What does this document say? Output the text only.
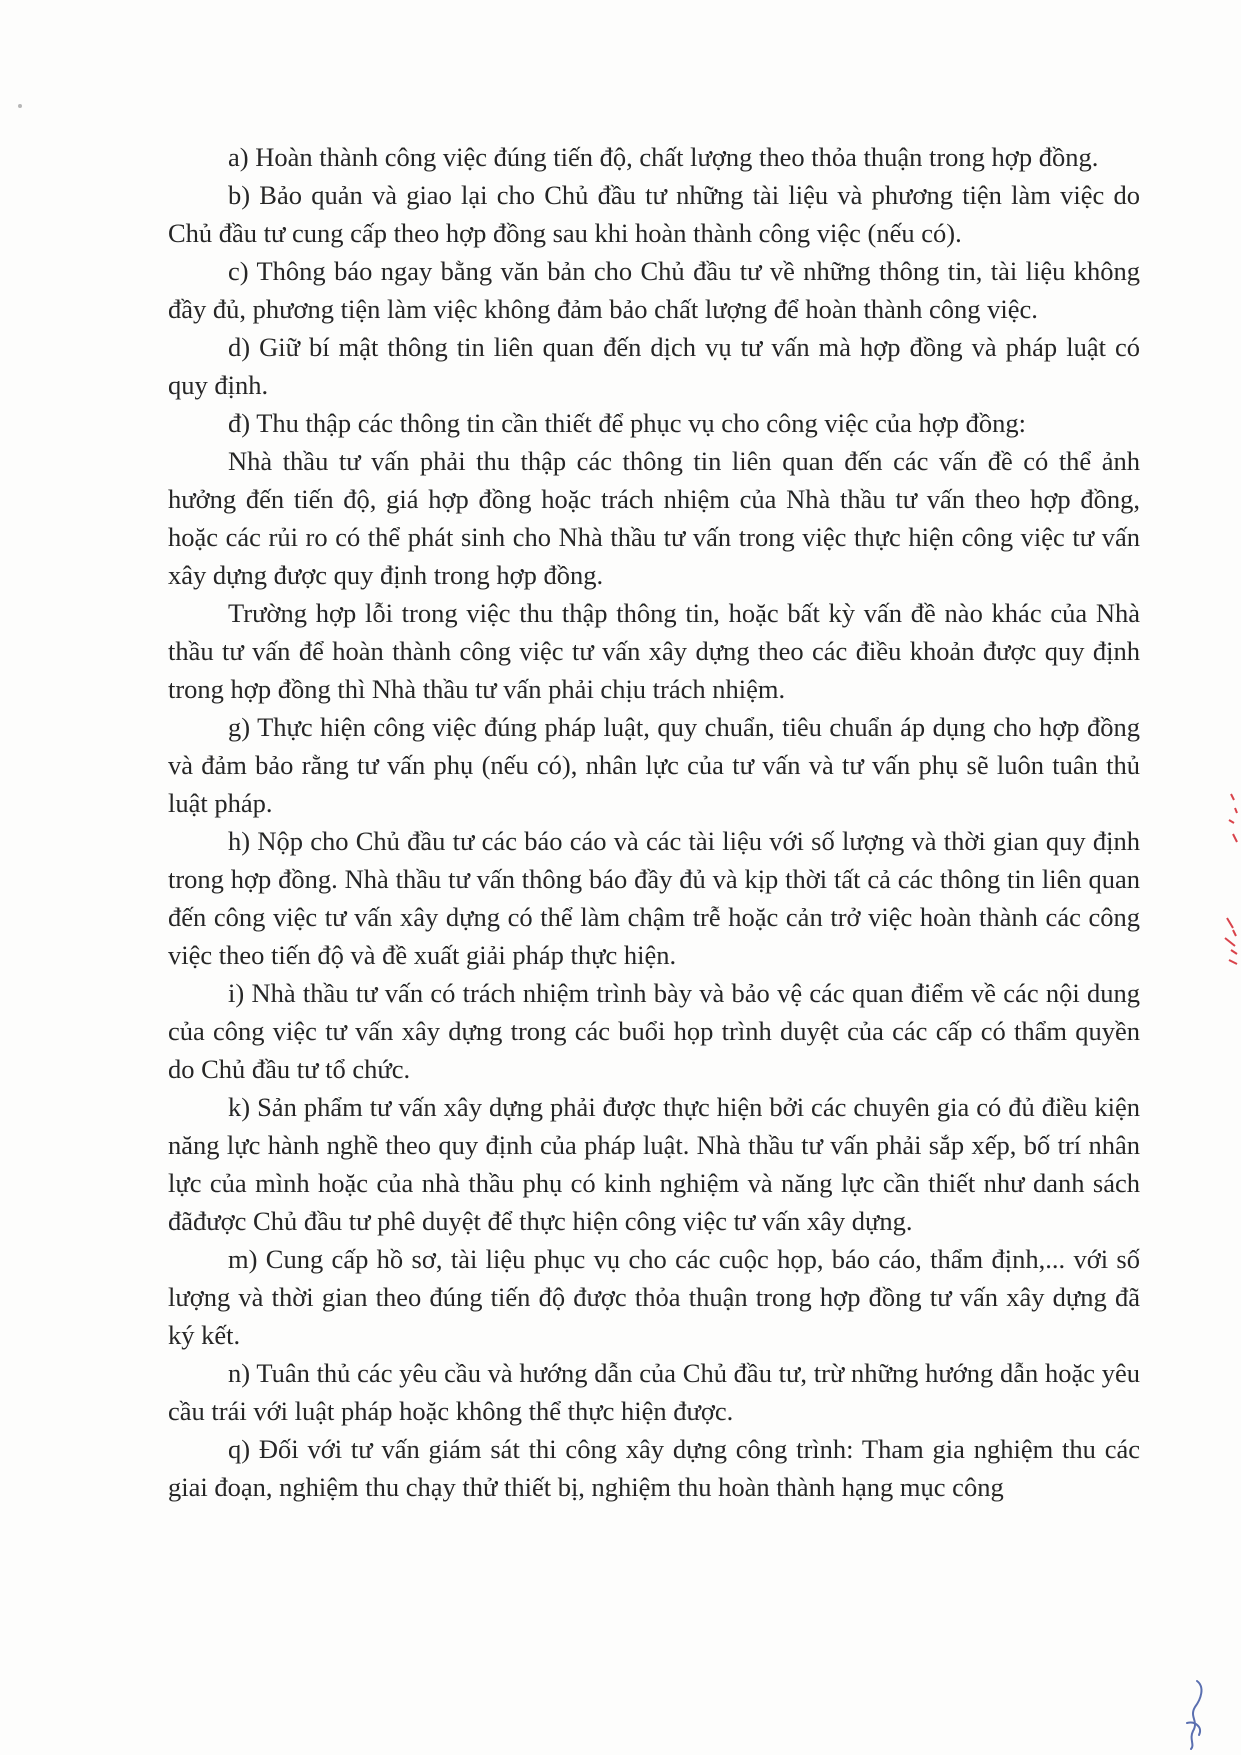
a) Hoàn thành công việc đúng tiến độ, chất lượng theo thỏa thuận trong hợp đồng.

b) Bảo quản và giao lại cho Chủ đầu tư những tài liệu và phương tiện làm việc do Chủ đầu tư cung cấp theo hợp đồng sau khi hoàn thành công việc (nếu có).

c) Thông báo ngay bằng văn bản cho Chủ đầu tư về những thông tin, tài liệu không đầy đủ, phương tiện làm việc không đảm bảo chất lượng để hoàn thành công việc.

d) Giữ bí mật thông tin liên quan đến dịch vụ tư vấn mà hợp đồng và pháp luật có quy định.

đ) Thu thập các thông tin cần thiết để phục vụ cho công việc của hợp đồng:

Nhà thầu tư vấn phải thu thập các thông tin liên quan đến các vấn đề có thể ảnh hưởng đến tiến độ, giá hợp đồng hoặc trách nhiệm của Nhà thầu tư vấn theo hợp đồng, hoặc các rủi ro có thể phát sinh cho Nhà thầu tư vấn trong việc thực hiện công việc tư vấn xây dựng được quy định trong hợp đồng.

Trường hợp lỗi trong việc thu thập thông tin, hoặc bất kỳ vấn đề nào khác của Nhà thầu tư vấn để hoàn thành công việc tư vấn xây dựng theo các điều khoản được quy định trong hợp đồng thì Nhà thầu tư vấn phải chịu trách nhiệm.

g) Thực hiện công việc đúng pháp luật, quy chuẩn, tiêu chuẩn áp dụng cho hợp đồng và đảm bảo rằng tư vấn phụ (nếu có), nhân lực của tư vấn và tư vấn phụ sẽ luôn tuân thủ luật pháp.

h) Nộp cho Chủ đầu tư các báo cáo và các tài liệu với số lượng và thời gian quy định trong hợp đồng. Nhà thầu tư vấn thông báo đầy đủ và kịp thời tất cả các thông tin liên quan đến công việc tư vấn xây dựng có thể làm chậm trễ hoặc cản trở việc hoàn thành các công việc theo tiến độ và đề xuất giải pháp thực hiện.

i) Nhà thầu tư vấn có trách nhiệm trình bày và bảo vệ các quan điểm về các nội dung của công việc tư vấn xây dựng trong các buổi họp trình duyệt của các cấp có thẩm quyền do Chủ đầu tư tổ chức.

k) Sản phẩm tư vấn xây dựng phải được thực hiện bởi các chuyên gia có đủ điều kiện năng lực hành nghề theo quy định của pháp luật. Nhà thầu tư vấn phải sắp xếp, bố trí nhân lực của mình hoặc của nhà thầu phụ có kinh nghiệm và năng lực cần thiết như danh sách đãđược Chủ đầu tư phê duyệt để thực hiện công việc tư vấn xây dựng.

m) Cung cấp hồ sơ, tài liệu phục vụ cho các cuộc họp, báo cáo, thẩm định,... với số lượng và thời gian theo đúng tiến độ được thỏa thuận trong hợp đồng tư vấn xây dựng đã ký kết.

n) Tuân thủ các yêu cầu và hướng dẫn của Chủ đầu tư, trừ những hướng dẫn hoặc yêu cầu trái với luật pháp hoặc không thể thực hiện được.

q) Đối với tư vấn giám sát thi công xây dựng công trình: Tham gia nghiệm thu các giai đoạn, nghiệm thu chạy thử thiết bị, nghiệm thu hoàn thành hạng mục công
